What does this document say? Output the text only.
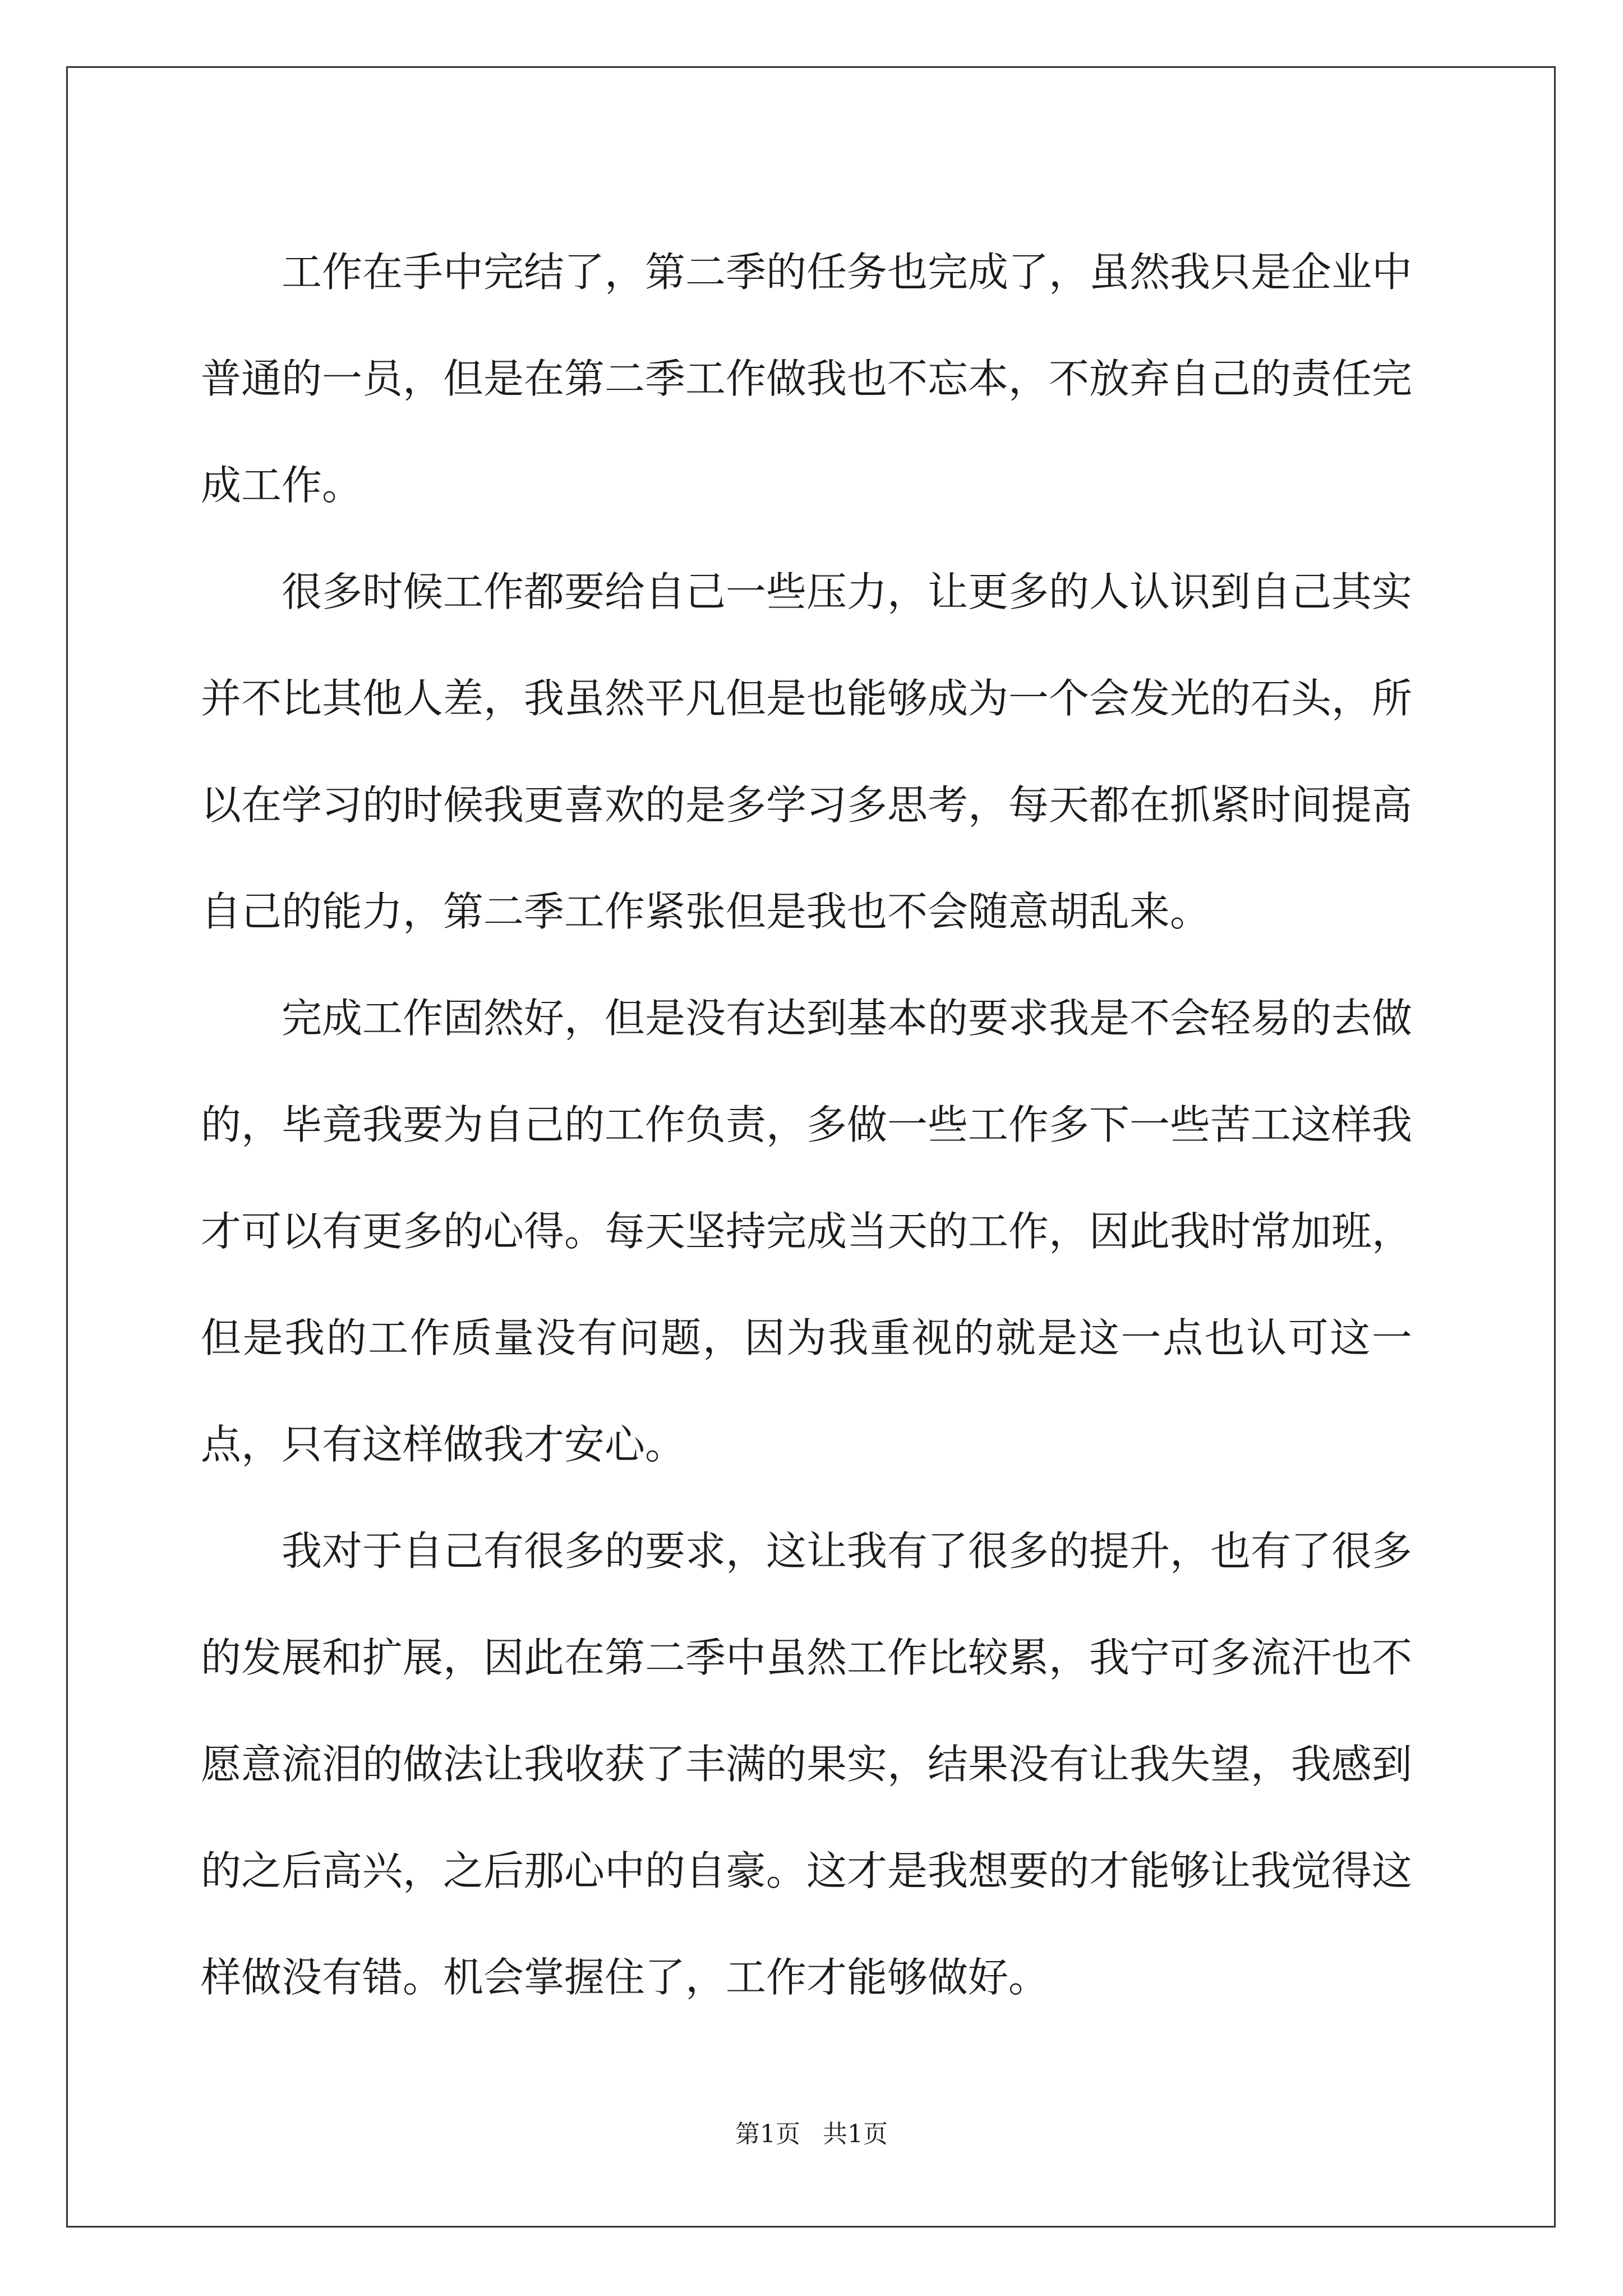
工作在手中完结了，第二季的任务也完成了，虽然我只是企业中普通的一员，但是在第二季工作做我也不忘本，不放弃自己的责任完成工作。

很多时候工作都要给自己一些压力，让更多的人认识到自己其实并不比其他人差，我虽然平凡但是也能够成为一个会发光的石头，所以在学习的时候我更喜欢的是多学习多思考，每天都在抓紧时间提高自己的能力，第二季工作紧张但是我也不会随意胡乱来。

完成工作固然好，但是没有达到基本的要求我是不会轻易的去做的，毕竟我要为自己的工作负责，多做一些工作多下一些苦工这样我才可以有更多的心得。每天坚持完成当天的工作，因此我时常加班，但是我的工作质量没有问题，因为我重视的就是这一点也认可这一点，只有这样做我才安心。

我对于自己有很多的要求，这让我有了很多的提升，也有了很多的发展和扩展，因此在第二季中虽然工作比较累，我宁可多流汗也不愿意流泪的做法让我收获了丰满的果实，结果没有让我失望，我感到的之后高兴，之后那心中的自豪。这才是我想要的才能够让我觉得这样做没有错。机会掌握住了，工作才能够做好。

第1页 共1页
